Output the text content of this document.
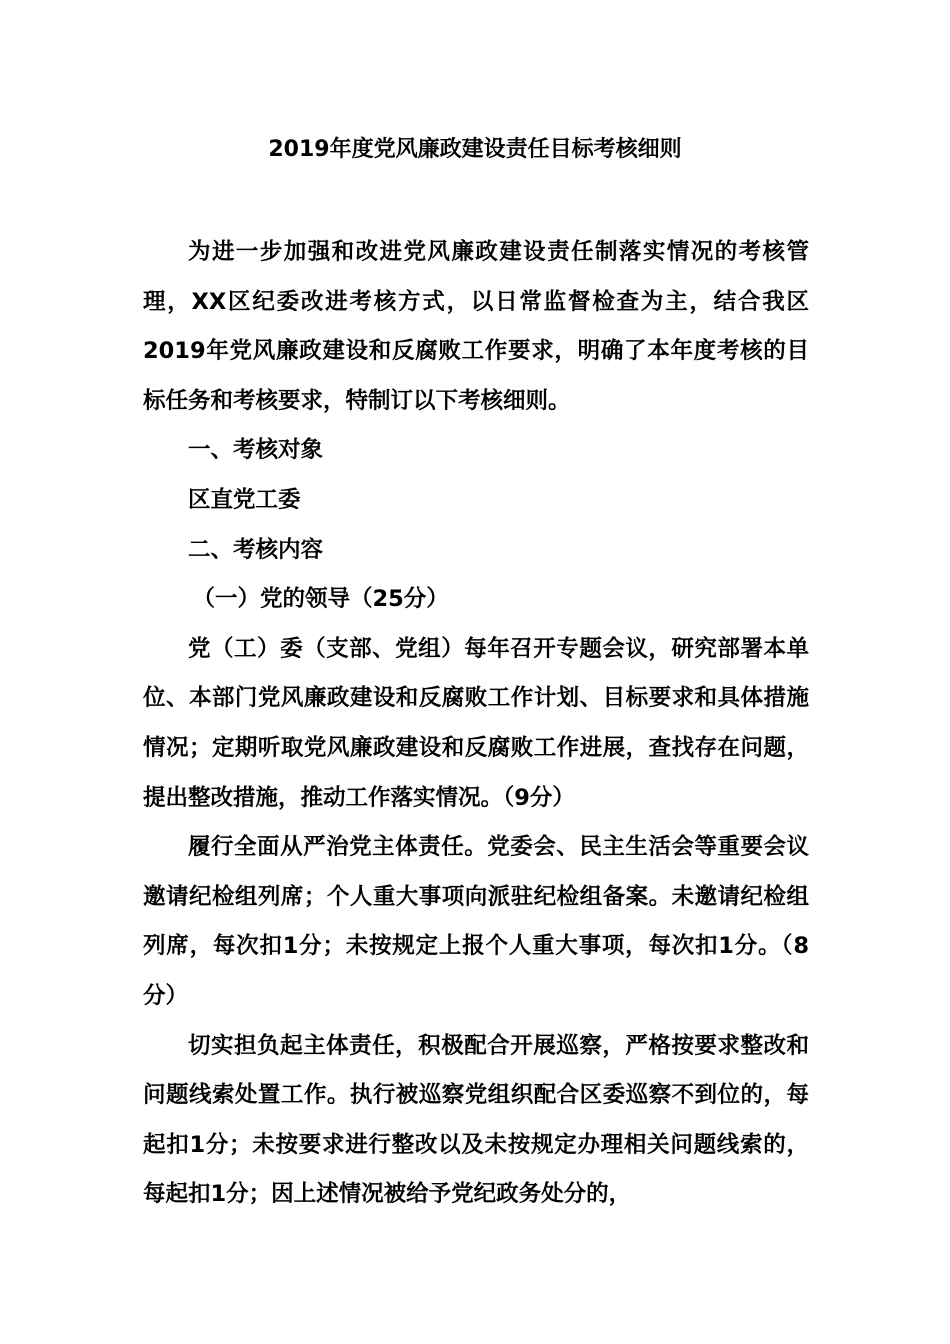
2019年度党风廉政建设责任目标考核细则

为进一步加强和改进党风廉政建设责任制落实情况的考核管理，XX区纪委改进考核方式，以日常监督检查为主，结合我区2019年党风廉政建设和反腐败工作要求，明确了本年度考核的目标任务和考核要求，特制订以下考核细则。

一、考核对象

区直党工委

二、考核内容

（一）党的领导（25分）

党（工）委（支部、党组）每年召开专题会议，研究部署本单位、本部门党风廉政建设和反腐败工作计划、目标要求和具体措施情况；定期听取党风廉政建设和反腐败工作进展，查找存在问题，提出整改措施，推动工作落实情况。（9分）

履行全面从严治党主体责任。党委会、民主生活会等重要会议邀请纪检组列席；个人重大事项向派驻纪检组备案。未邀请纪检组列席，每次扣1分；未按规定上报个人重大事项，每次扣1分。（8分）

切实担负起主体责任，积极配合开展巡察，严格按要求整改和问题线索处置工作。执行被巡察党组织配合区委巡察不到位的，每起扣1分；未按要求进行整改以及未按规定办理相关问题线索的，每起扣1分；因上述情况被给予党纪政务处分的，
